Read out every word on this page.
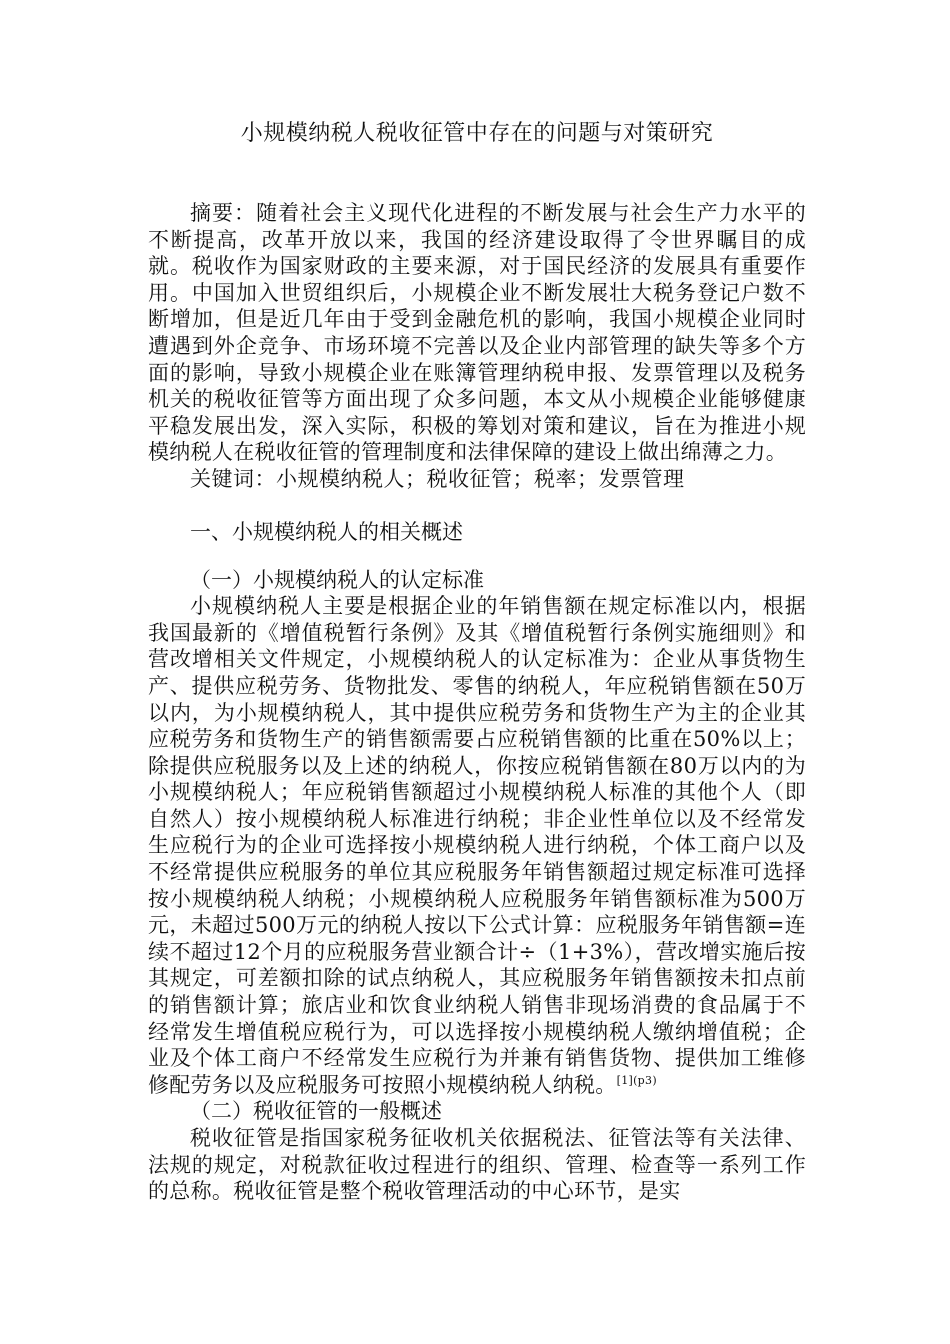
小规模纳税人税收征管中存在的问题与对策研究

摘要：随着社会主义现代化进程的不断发展与社会生产力水平的不断提高，改革开放以来，我国的经济建设取得了令世界瞩目的成就。税收作为国家财政的主要来源，对于国民经济的发展具有重要作用。中国加入世贸组织后，小规模企业不断发展壮大税务登记户数不断增加，但是近几年由于受到金融危机的影响，我国小规模企业同时遭遇到外企竞争、市场环境不完善以及企业内部管理的缺失等多个方面的影响，导致小规模企业在账簿管理纳税申报、发票管理以及税务机关的税收征管等方面出现了众多问题，本文从小规模企业能够健康平稳发展出发，深入实际，积极的筹划对策和建议，旨在为推进小规模纳税人在税收征管的管理制度和法律保障的建设上做出绵薄之力。

关键词：小规模纳税人；税收征管；税率；发票管理

一、小规模纳税人的相关概述
（一）小规模纳税人的认定标准

小规模纳税人主要是根据企业的年销售额在规定标准以内，根据我国最新的《增值税暂行条例》及其《增值税暂行条例实施细则》和营改增相关文件规定，小规模纳税人的认定标准为：企业从事货物生产、提供应税劳务、货物批发、零售的纳税人，年应税销售额在50万以内，为小规模纳税人，其中提供应税劳务和货物生产为主的企业其应税劳务和货物生产的销售额需要占应税销售额的比重在50%以上；除提供应税服务以及上述的纳税人，你按应税销售额在80万以内的为小规模纳税人；年应税销售额超过小规模纳税人标准的其他个人（即自然人）按小规模纳税人标准进行纳税；非企业性单位以及不经常发生应税行为的企业可选择按小规模纳税人进行纳税，个体工商户以及不经常提供应税服务的单位其应税服务年销售额超过规定标准可选择按小规模纳税人纳税；小规模纳税人应税服务年销售额标准为500万元，未超过500万元的纳税人按以下公式计算：应税服务年销售额=连续不超过12个月的应税服务营业额合计÷（1+3%），营改增实施后按其规定，可差额扣除的试点纳税人，其应税服务年销售额按未扣点前的销售额计算；旅店业和饮食业纳税人销售非现场消费的食品属于不经常发生增值税应税行为，可以选择按小规模纳税人缴纳增值税；企业及个体工商户不经常发生应税行为并兼有销售货物、提供加工维修修配劳务以及应税服务可按照小规模纳税人纳税。$^{[1](p3)}$

（二）税收征管的一般概述

税收征管是指国家税务征收机关依据税法、征管法等有关法律、法规的规定，对税款征收过程进行的组织、管理、检查等一系列工作的总称。税收征管是整个税收管理活动的中心环节，是实
